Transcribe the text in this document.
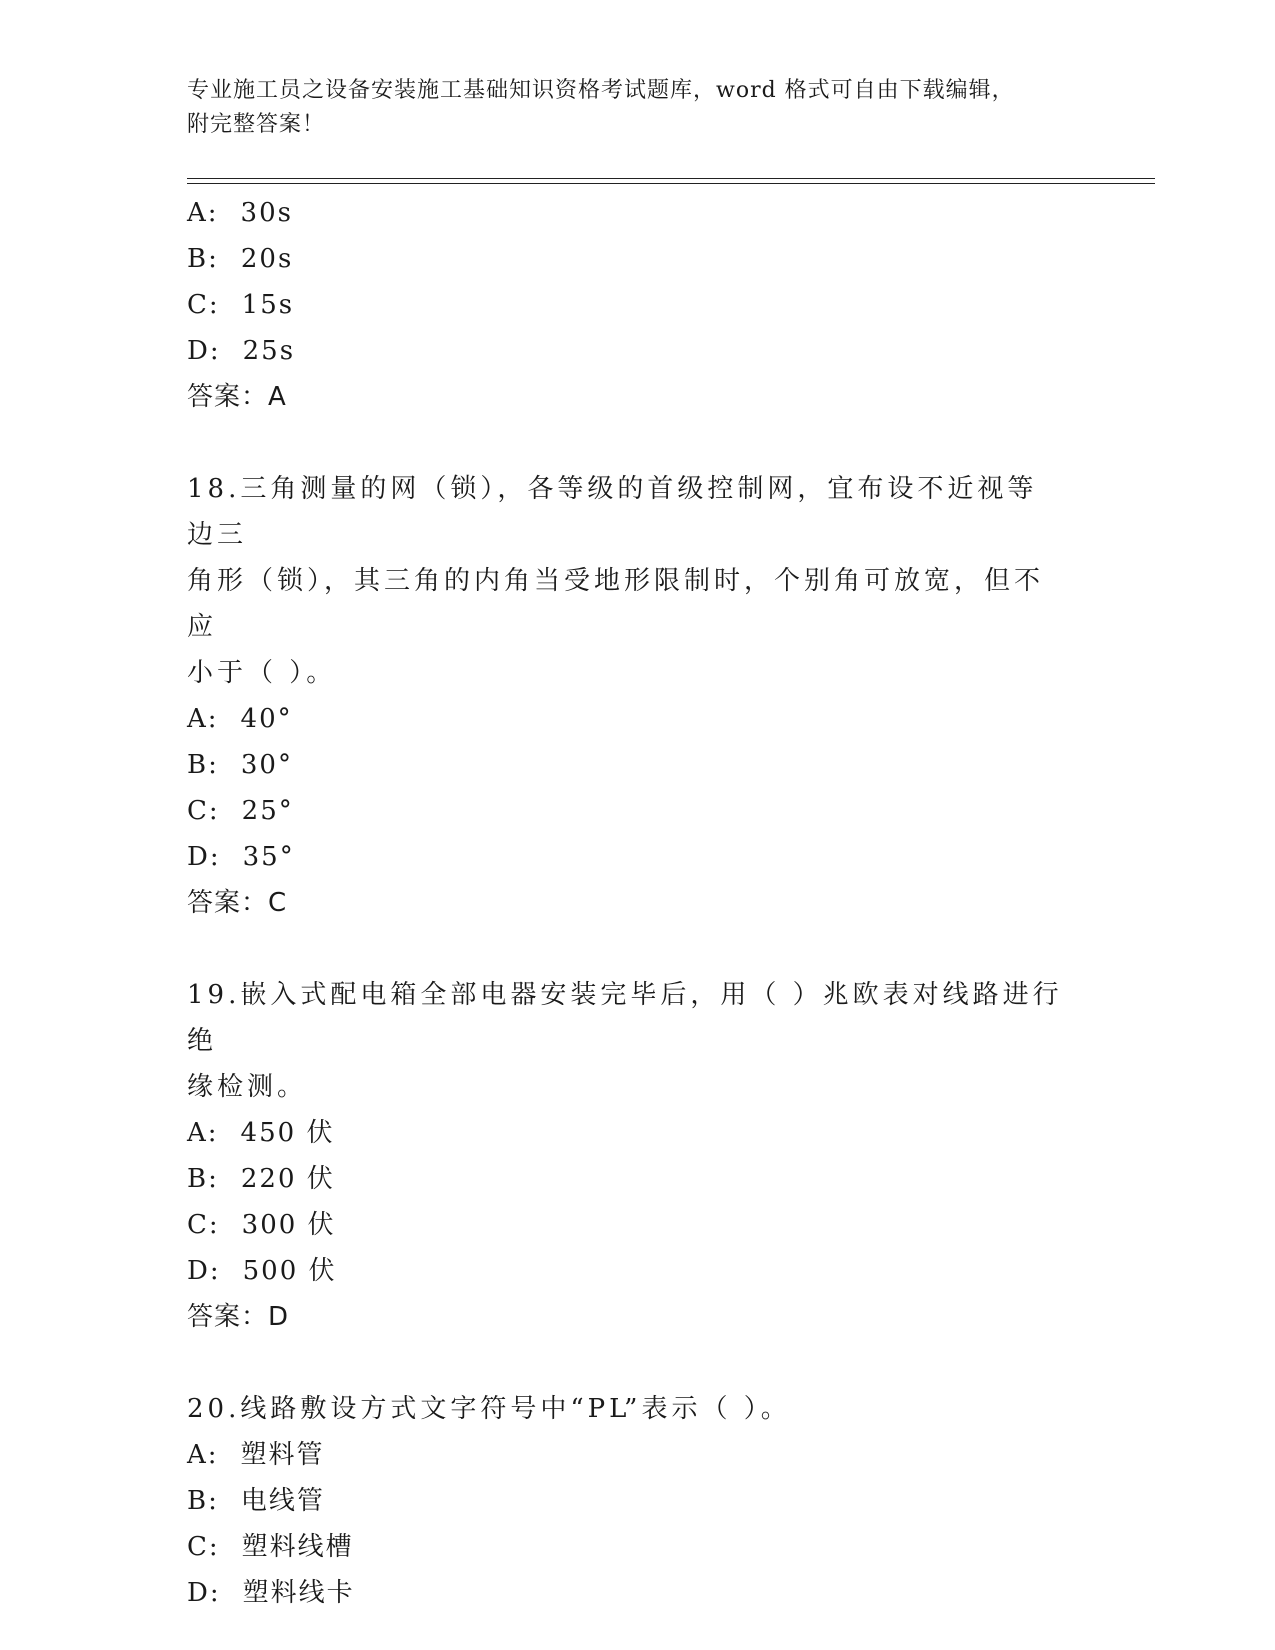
专业施工员之设备安装施工基础知识资格考试题库，word 格式可自由下载编辑，
附完整答案！
A: 30s
B: 20s
C: 15s
D: 25s
答案：A
18.三角测量的网（锁），各等级的首级控制网，宜布设不近视等边三
角形（锁），其三角的内角当受地形限制时，个别角可放宽，但不应
小于（ ）。
A: 40°
B: 30°
C: 25°
D: 35°
答案：C
19.嵌入式配电箱全部电器安装完毕后，用（ ）兆欧表对线路进行绝
缘检测。
A: 450 伏
B: 220 伏
C: 300 伏
D: 500 伏
答案：D
20.线路敷设方式文字符号中“PL”表示（ ）。
A: 塑料管
B: 电线管
C: 塑料线槽
D: 塑料线卡
